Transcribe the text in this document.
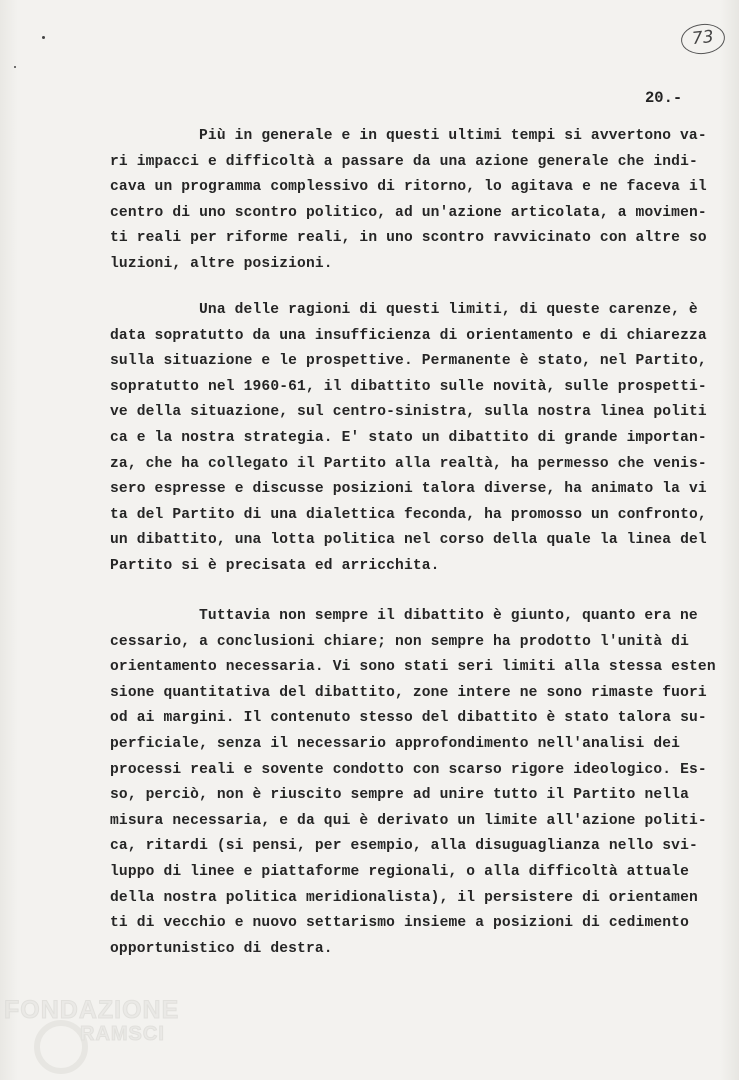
73
20.-
Più in generale e in questi ultimi tempi si avvertono va-
ri impacci e difficoltà a passare da una azione generale che indi-
cava un programma complessivo di ritorno, lo agitava e ne faceva il
centro di uno scontro politico, ad un'azione articolata, a movimen-
ti reali per riforme reali, in uno scontro ravvicinato con altre so
luzioni, altre posizioni.
Una delle ragioni di questi limiti, di queste carenze, è
data sopratutto da una insufficienza di orientamento e di chiarezza
sulla situazione e le prospettive. Permanente è stato, nel Partito,
sopratutto nel 1960-61, il dibattito sulle novità, sulle prospetti-
ve della situazione, sul centro-sinistra, sulla nostra linea politi
ca e la nostra strategia. E' stato un dibattito di grande importan-
za, che ha collegato il Partito alla realtà, ha permesso che venis-
sero espresse e discusse posizioni talora diverse, ha animato la vi
ta del Partito di una dialettica feconda, ha promosso un confronto,
un dibattito, una lotta politica nel corso della quale la linea del
Partito si è precisata ed arricchita.
Tuttavia non sempre il dibattito è giunto, quanto era ne
cessario, a conclusioni chiare; non sempre ha prodotto l'unità di
orientamento necessaria. Vi sono stati seri limiti alla stessa esten
sione quantitativa del dibattito, zone intere ne sono rimaste fuori
od ai margini. Il contenuto stesso del dibattito è stato talora su-
perficiale, senza il necessario approfondimento nell'analisi dei
processi reali e sovente condotto con scarso rigore ideologico. Es-
so, perciò, non è riuscito sempre ad unire tutto il Partito nella
misura necessaria, e da qui è derivato un limite all'azione politi-
ca, ritardi (si pensi, per esempio, alla disuguaglianza nello svi-
luppo di linee e piattaforme regionali, o alla difficoltà attuale
della nostra politica meridionalista), il persistere di orientamen
ti di vecchio e nuovo settarismo insieme a posizioni di cedimento
opportunistico di destra.
FONDAZIONE
RAMSCI
